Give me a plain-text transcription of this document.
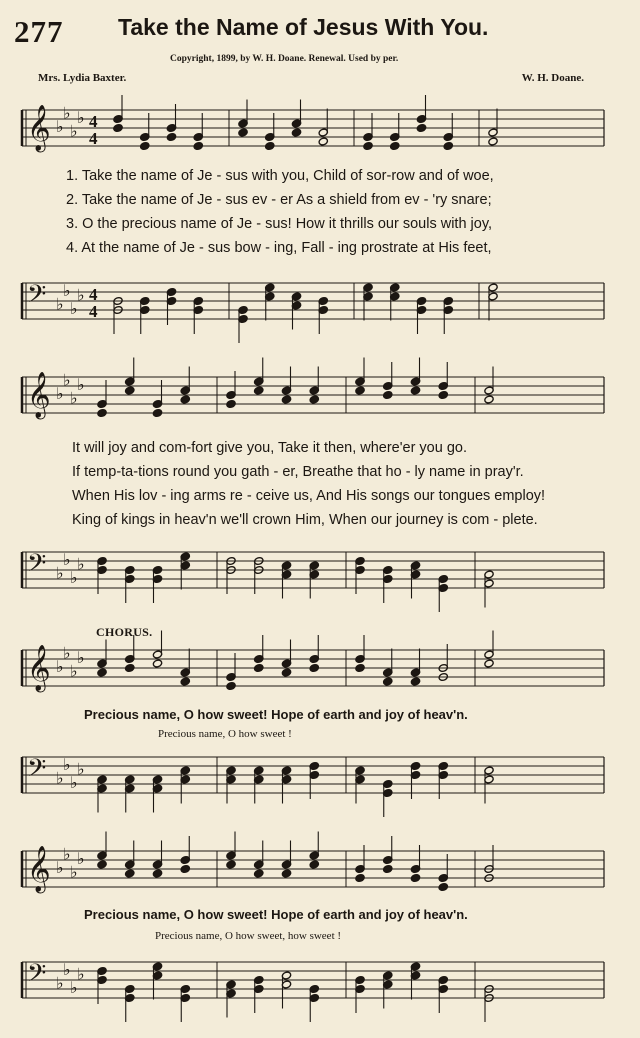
277 Take the Name of Jesus With You.
Copyright, 1899, by W. H. Doane. Renewal. Used by per.
Mrs. Lydia Baxter.	W. H. Doane.
𝄞 ♭
♭
♭
♭ 4
4
𝄢 ♭
♭
♭
♭ 4
4
𝄞 ♭
♭
♭
♭
𝄢 ♭
♭
♭
♭
𝄞 ♭
♭
♭
♭
𝄢 ♭
♭
♭
♭
𝄞 ♭
♭
♭
♭
𝄢 ♭
♭
♭
♭
1. Take the name of Je - sus with you, Child of sor-row and of woe,
2. Take the name of Je - sus ev - er As a shield from ev - 'ry snare;
3. O the precious name of Je - sus! How it thrills our souls with joy,
4. At the name of Je - sus bow - ing, Fall - ing prostrate at His feet,
It will joy and com-fort give you, Take it then, where'er you go.
If temp-ta-tions round you gath - er, Breathe that ho - ly name in pray'r.
When His lov - ing arms re - ceive us, And His songs our tongues employ!
King of kings in heav'n we'll crown Him, When our journey is com - plete.
CHORUS.
Precious name, O how sweet! Hope of earth and joy of heav'n.
Precious name, O how sweet !
Precious name, O how sweet! Hope of earth and joy of heav'n.
Precious name, O how sweet, how sweet !
